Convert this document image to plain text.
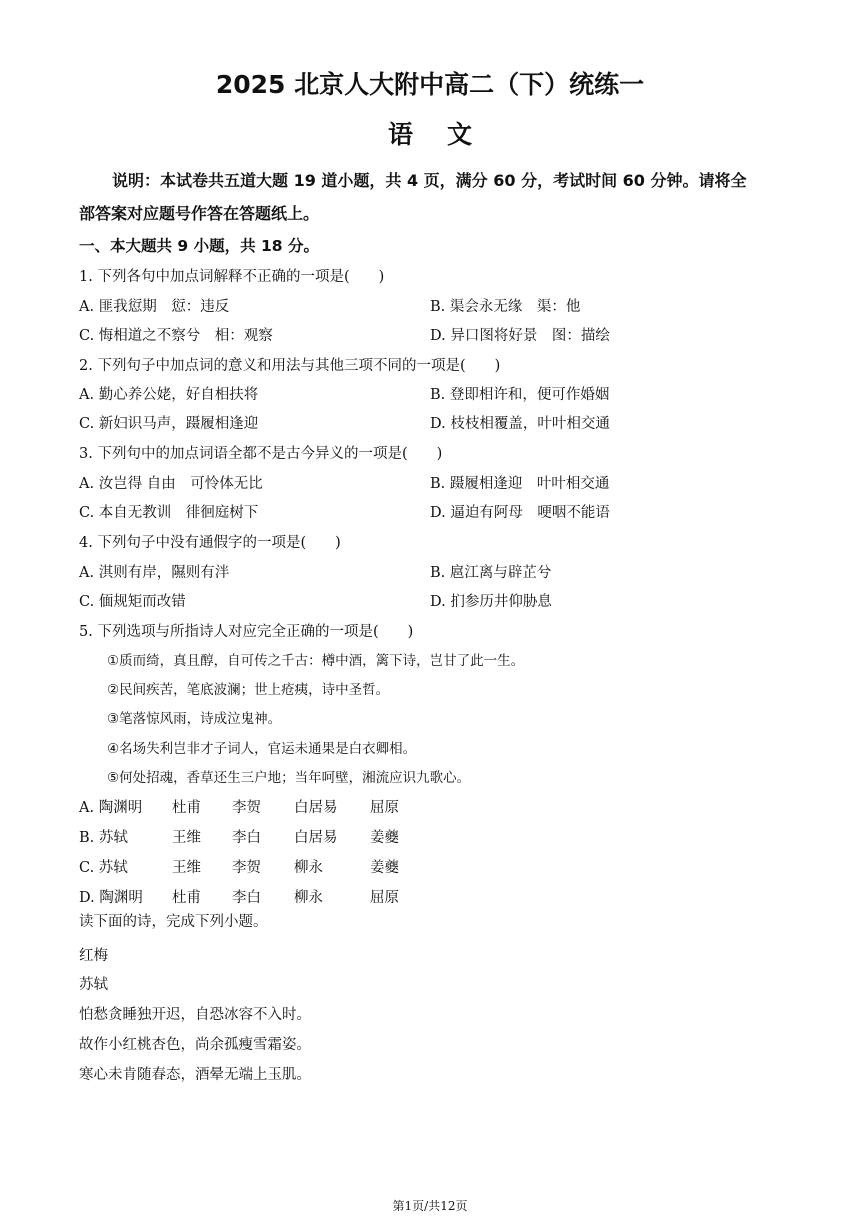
2025 北京人大附中高二（下）统练一
语文
说明：本试卷共五道大题 19 道小题，共 4 页，满分 60 分，考试时间 60 分钟。请将全
部答案对应题号作答在答题纸上。
一、本大题共 9 小题，共 18 分。
1. 下列各句中加点词解释不正确的一项是(　　)
A. 匪我愆期　愆：违反	B. 渠会永无缘　渠：他
C. 悔相道之不察兮　相：观察	D. 异口图将好景　图：描绘
2. 下列句子中加点词的意义和用法与其他三项不同的一项是(　　)
A. 勤心养公姥，好自相扶将	B. 登即相许和，便可作婚姻
C. 新妇识马声，蹑履相逢迎	D. 枝枝相覆盖，叶叶相交通
3. 下列句中的加点词语全都不是古今异义的一项是(　　)
A. 汝岂得 自由　可怜体无比	B. 蹑履相逢迎　叶叶相交通
C. 本自无教训　徘徊庭树下	D. 逼迫有阿母　哽咽不能语
4. 下列句子中没有通假字的一项是(　　)
A. 淇则有岸，隰则有泮	B. 扈江离与辟芷兮
C. 偭规矩而改错	D. 扪参历井仰胁息
5. 下列选项与所指诗人对应完全正确的一项是(　　)
①质而绮，真且醇，自可传之千古：樽中酒，篱下诗，岂甘了此一生。
②民间疾苦，笔底波澜；世上疮痍，诗中圣哲。
③笔落惊风雨，诗成泣鬼神。
④名场失利岂非才子词人，官运未通果是白衣卿相。
⑤何处招魂，香草还生三户地；当年呵壁，湘流应识九歌心。
A. 陶渊明	杜甫	李贺	白居易	屈原
B. 苏轼	王维	李白	白居易	姜夔
C. 苏轼	王维	李贺	柳永	姜夔
D. 陶渊明	杜甫	李白	柳永	屈原
读下面的诗，完成下列小题。
红梅
苏轼
怕愁贪睡独开迟，自恐冰容不入时。
故作小红桃杏色，尚余孤瘦雪霜姿。
寒心未肯随春态，酒晕无端上玉肌。
第1页/共12页
